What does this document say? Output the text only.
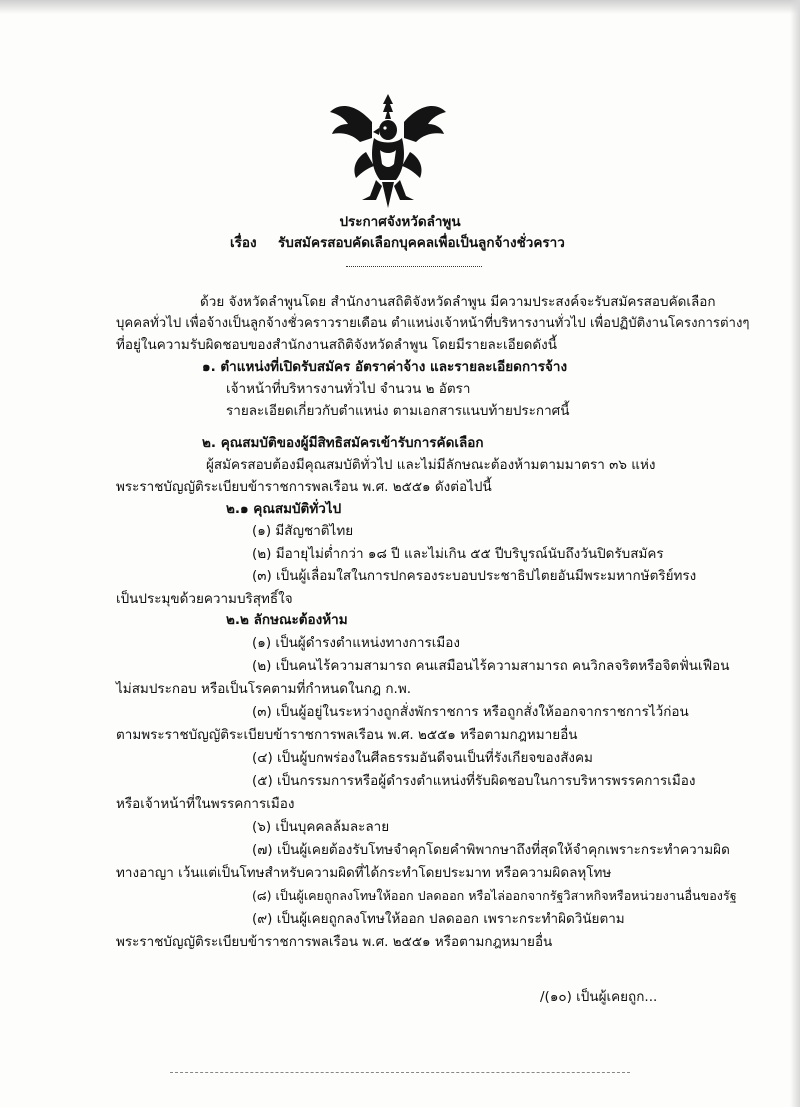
ประกาศจังหวัดลำพูน
เรื่อง รับสมัครสอบคัดเลือกบุคคลเพื่อเป็นลูกจ้างชั่วคราว
ด้วย จังหวัดลำพูนโดย สำนักงานสถิติจังหวัดลำพูน มีความประสงค์จะรับสมัครสอบคัดเลือก
บุคคลทั่วไป เพื่อจ้างเป็นลูกจ้างชั่วคราวรายเดือน ตำแหน่งเจ้าหน้าที่บริหารงานทั่วไป เพื่อปฏิบัติงานโครงการต่างๆ
ที่อยู่ในความรับผิดชอบของสำนักงานสถิติจังหวัดลำพูน โดยมีรายละเอียดดังนี้
๑. ตำแหน่งที่เปิดรับสมัคร อัตราค่าจ้าง และรายละเอียดการจ้าง
เจ้าหน้าที่บริหารงานทั่วไป จำนวน ๒ อัตรา
รายละเอียดเกี่ยวกับตำแหน่ง ตามเอกสารแนบท้ายประกาศนี้
๒. คุณสมบัติของผู้มีสิทธิสมัครเข้ารับการคัดเลือก
ผู้สมัครสอบต้องมีคุณสมบัติทั่วไป และไม่มีลักษณะต้องห้ามตามมาตรา ๓๖ แห่ง
พระราชบัญญัติระเบียบข้าราชการพลเรือน พ.ศ. ๒๕๕๑ ดังต่อไปนี้
๒.๑ คุณสมบัติทั่วไป
(๑) มีสัญชาติไทย
(๒) มีอายุไม่ต่ำกว่า ๑๘ ปี และไม่เกิน ๕๕ ปีบริบูรณ์นับถึงวันปิดรับสมัคร
(๓) เป็นผู้เลื่อมใสในการปกครองระบอบประชาธิปไตยอันมีพระมหากษัตริย์ทรง
เป็นประมุขด้วยความบริสุทธิ์ใจ
๒.๒ ลักษณะต้องห้าม
(๑) เป็นผู้ดำรงตำแหน่งทางการเมือง
(๒) เป็นคนไร้ความสามารถ คนเสมือนไร้ความสามารถ คนวิกลจริตหรือจิตฟั่นเฟือน
ไม่สมประกอบ หรือเป็นโรคตามที่กำหนดในกฎ ก.พ.
(๓) เป็นผู้อยู่ในระหว่างถูกสั่งพักราชการ หรือถูกสั่งให้ออกจากราชการไว้ก่อน
ตามพระราชบัญญัติระเบียบข้าราชการพลเรือน พ.ศ. ๒๕๕๑ หรือตามกฎหมายอื่น
(๔) เป็นผู้บกพร่องในศีลธรรมอันดีจนเป็นที่รังเกียจของสังคม
(๕) เป็นกรรมการหรือผู้ดำรงตำแหน่งที่รับผิดชอบในการบริหารพรรคการเมือง
หรือเจ้าหน้าที่ในพรรคการเมือง
(๖) เป็นบุคคลล้มละลาย
(๗) เป็นผู้เคยต้องรับโทษจำคุกโดยคำพิพากษาถึงที่สุดให้จำคุกเพราะกระทำความผิด
ทางอาญา เว้นแต่เป็นโทษสำหรับความผิดที่ได้กระทำโดยประมาท หรือความผิดลหุโทษ
(๘) เป็นผู้เคยถูกลงโทษให้ออก ปลดออก หรือไล่ออกจากรัฐวิสาหกิจหรือหน่วยงานอื่นของรัฐ
(๙) เป็นผู้เคยถูกลงโทษให้ออก ปลดออก เพราะกระทำผิดวินัยตาม
พระราชบัญญัติระเบียบข้าราชการพลเรือน พ.ศ. ๒๕๕๑ หรือตามกฎหมายอื่น
/(๑๐) เป็นผู้เคยถูก...
